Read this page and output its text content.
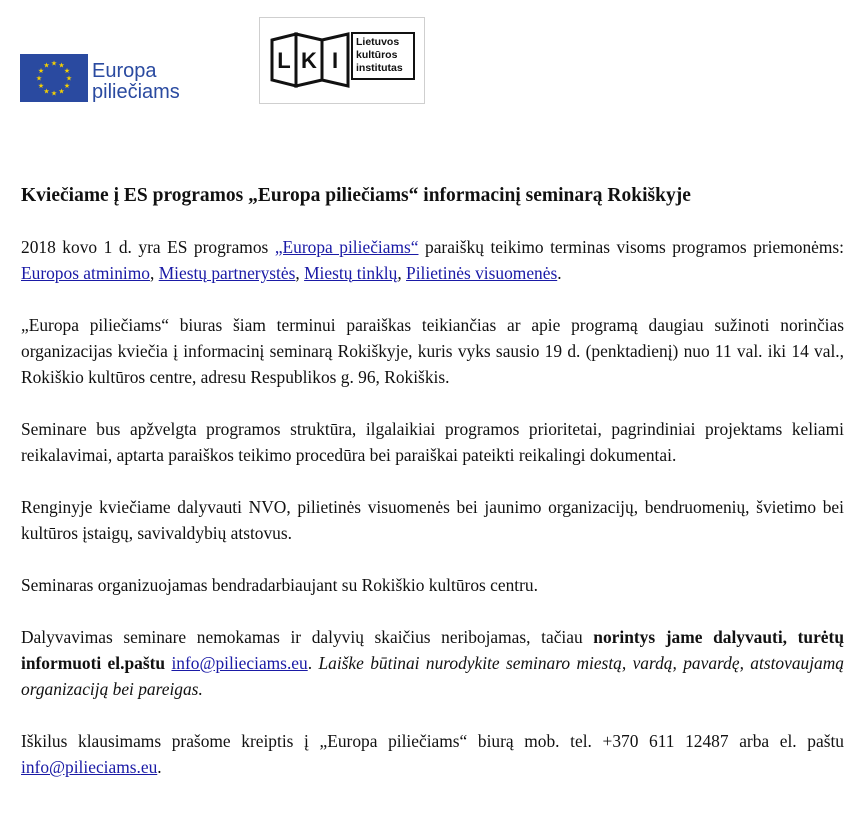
★ ★
★
★
★
★
★
★
★
★
★
★ Europa
piliečiams
L K I
Lietuvos
kultūros
institutas
Kviečiame į ES programos „Europa piliečiams“ informacinį seminarą Rokiškyje

2018 kovo 1 d. yra ES programos „Europa piliečiams“ paraiškų teikimo terminas visoms programos priemonėms: Europos atminimo, Miestų partnerystės, Miestų tinklų, Pilietinės visuomenės.

„Europa piliečiams“ biuras šiam terminui paraiškas teikiančias ar apie programą daugiau sužinoti norinčias organizacijas kviečia į informacinį seminarą Rokiškyje, kuris vyks sausio 19 d. (penktadienį) nuo 11 val. iki 14 val., Rokiškio kultūros centre, adresu Respublikos g. 96, Rokiškis.

Seminare bus apžvelgta programos struktūra, ilgalaikiai programos prioritetai, pagrindiniai projektams keliami reikalavimai, aptarta paraiškos teikimo procedūra bei paraiškai pateikti reikalingi dokumentai.

Renginyje kviečiame dalyvauti NVO, pilietinės visuomenės bei jaunimo organizacijų, bendruomenių, švietimo bei kultūros įstaigų, savivaldybių atstovus.

Seminaras organizuojamas bendradarbiaujant su Rokiškio kultūros centru.

Dalyvavimas seminare nemokamas ir dalyvių skaičius neribojamas, tačiau norintys jame dalyvauti, turėtų informuoti el.paštu info@pilieciams.eu. Laiške būtinai nurodykite seminaro miestą, vardą, pavardę, atstovaujamą organizaciją bei pareigas.

Iškilus klausimams prašome kreiptis į „Europa piliečiams“ biurą mob. tel. +370 611 12487 arba el. paštu info@pilieciams.eu.
